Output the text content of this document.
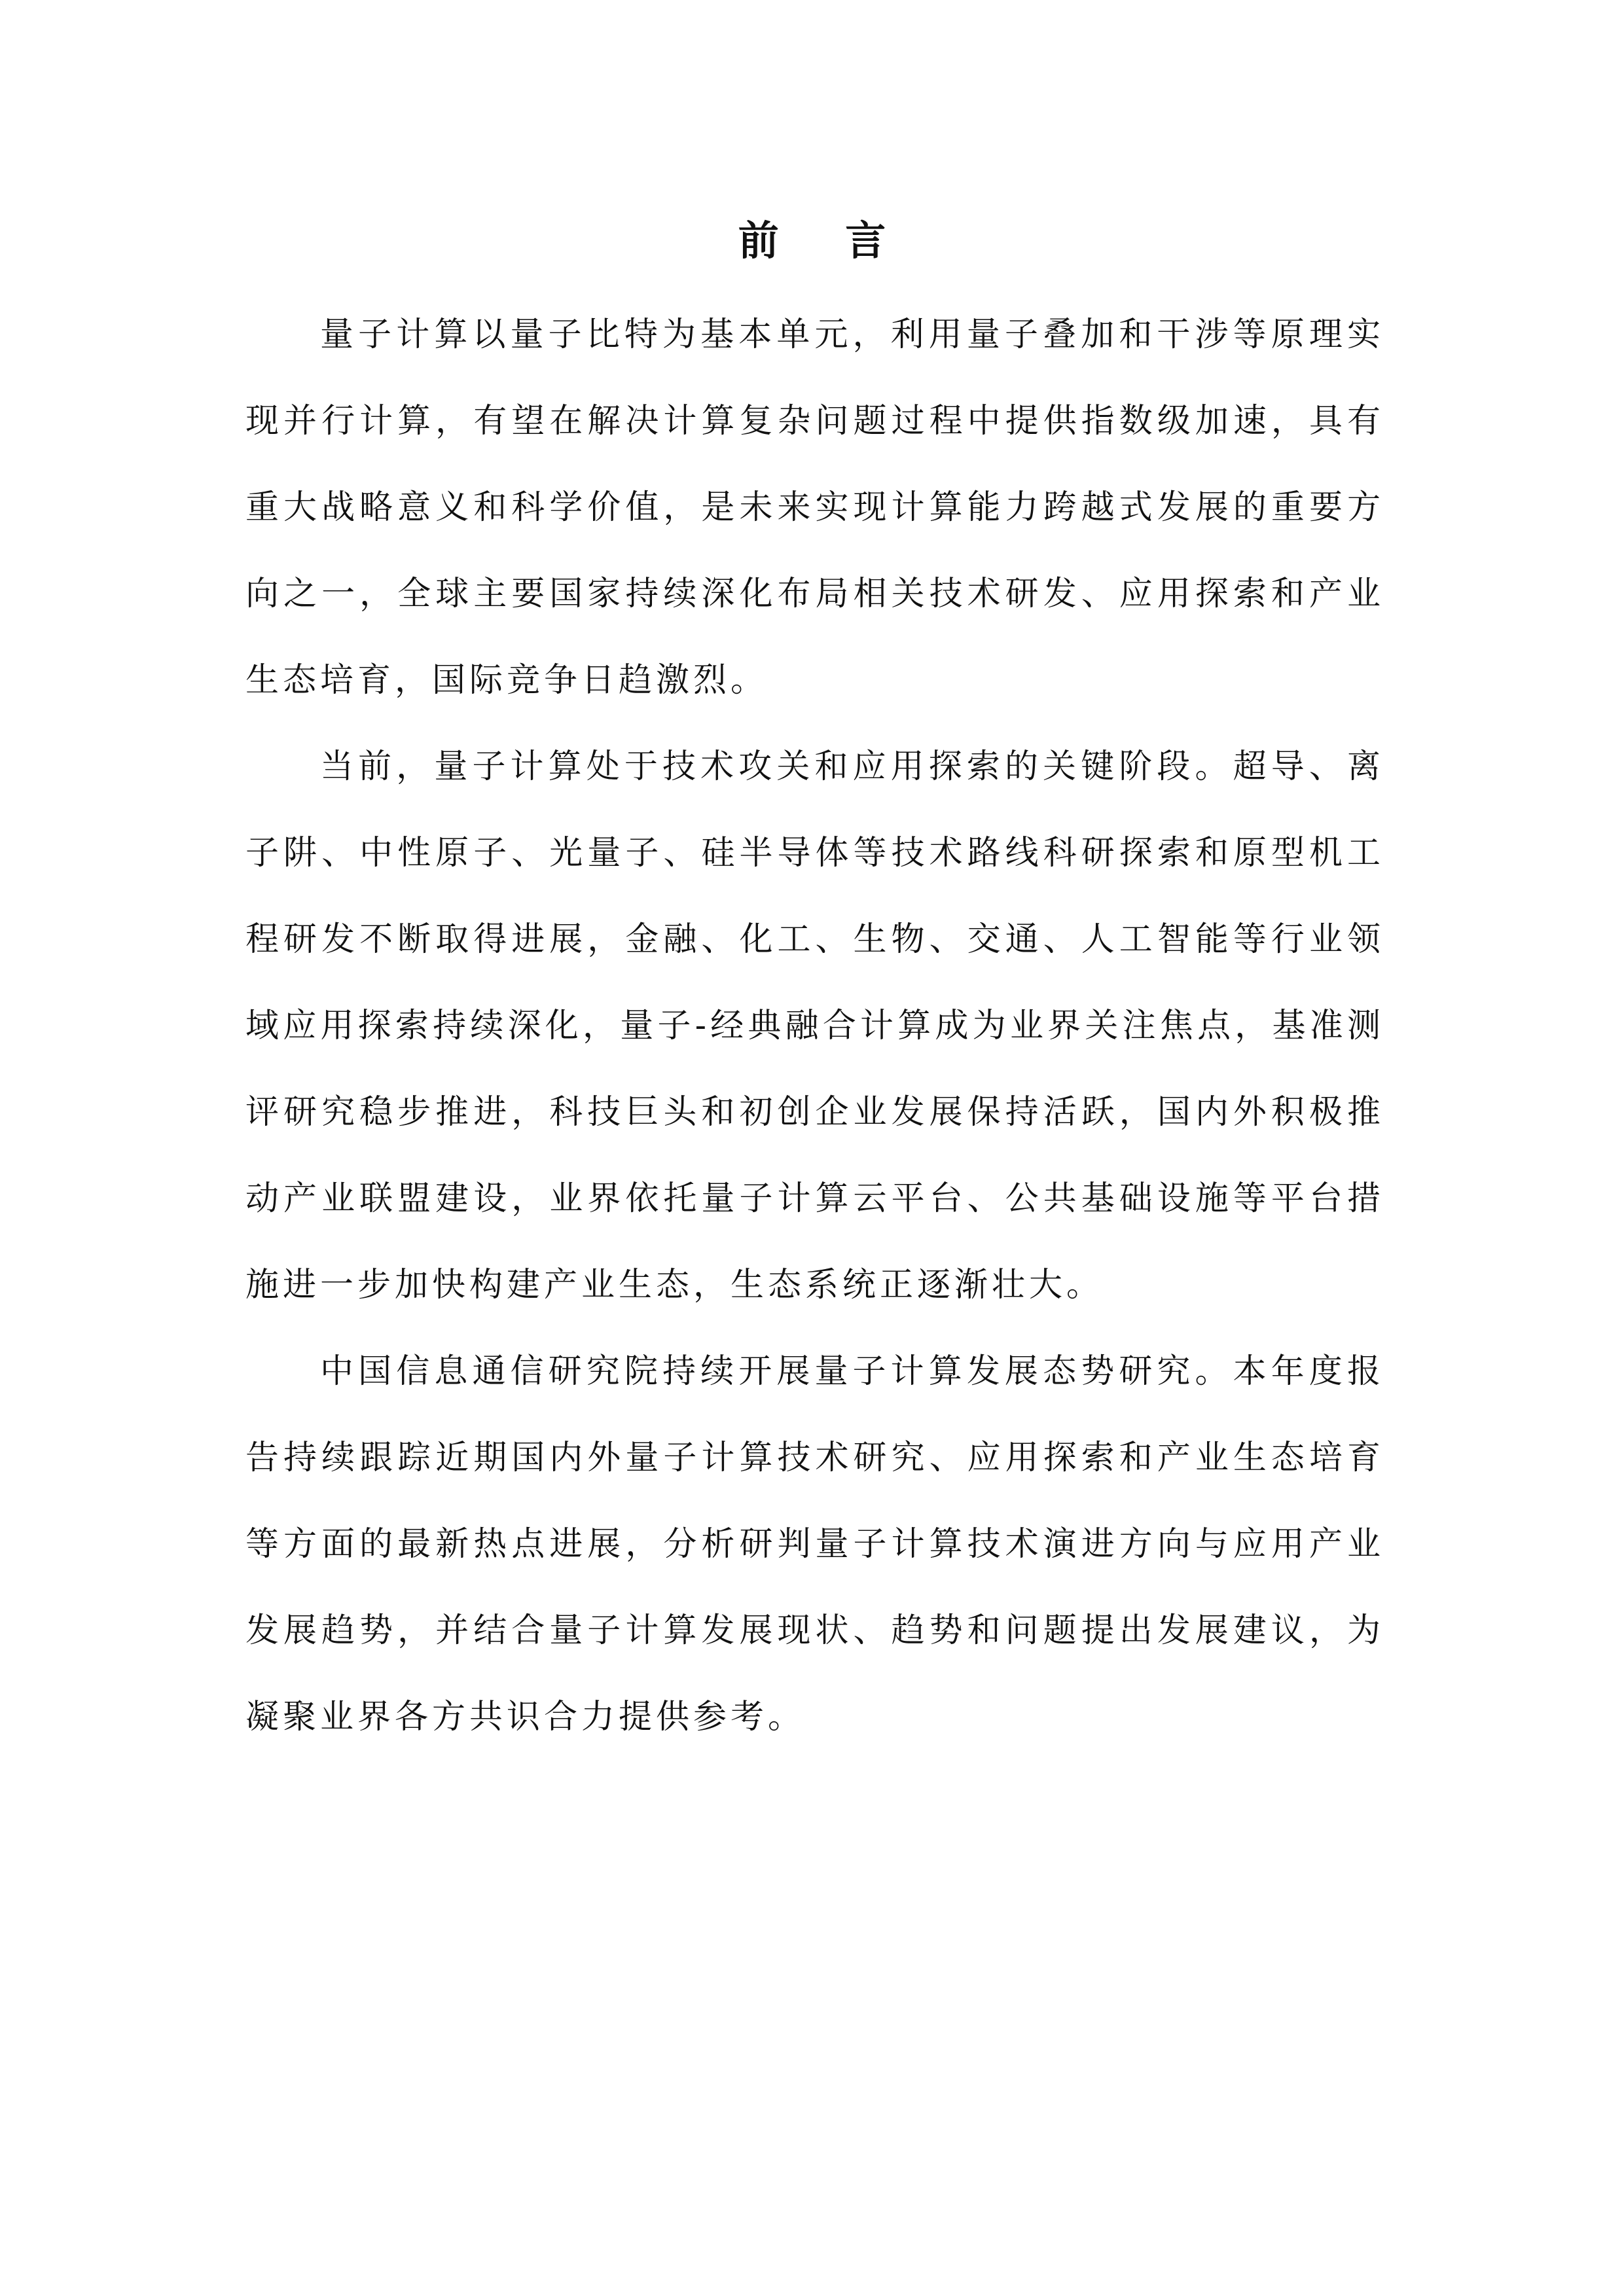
前 言

量子计算以量子比特为基本单元，利用量子叠加和干涉等原理实现并行计算，有望在解决计算复杂问题过程中提供指数级加速，具有重大战略意义和科学价值，是未来实现计算能力跨越式发展的重要方向之一，全球主要国家持续深化布局相关技术研发、应用探索和产业生态培育，国际竞争日趋激烈。

当前，量子计算处于技术攻关和应用探索的关键阶段。超导、离子阱、中性原子、光量子、硅半导体等技术路线科研探索和原型机工程研发不断取得进展，金融、化工、生物、交通、人工智能等行业领域应用探索持续深化，量子-经典融合计算成为业界关注焦点，基准测评研究稳步推进，科技巨头和初创企业发展保持活跃，国内外积极推动产业联盟建设，业界依托量子计算云平台、公共基础设施等平台措施进一步加快构建产业生态，生态系统正逐渐壮大。

中国信息通信研究院持续开展量子计算发展态势研究。本年度报告持续跟踪近期国内外量子计算技术研究、应用探索和产业生态培育等方面的最新热点进展，分析研判量子计算技术演进方向与应用产业发展趋势，并结合量子计算发展现状、趋势和问题提出发展建议，为凝聚业界各方共识合力提供参考。
